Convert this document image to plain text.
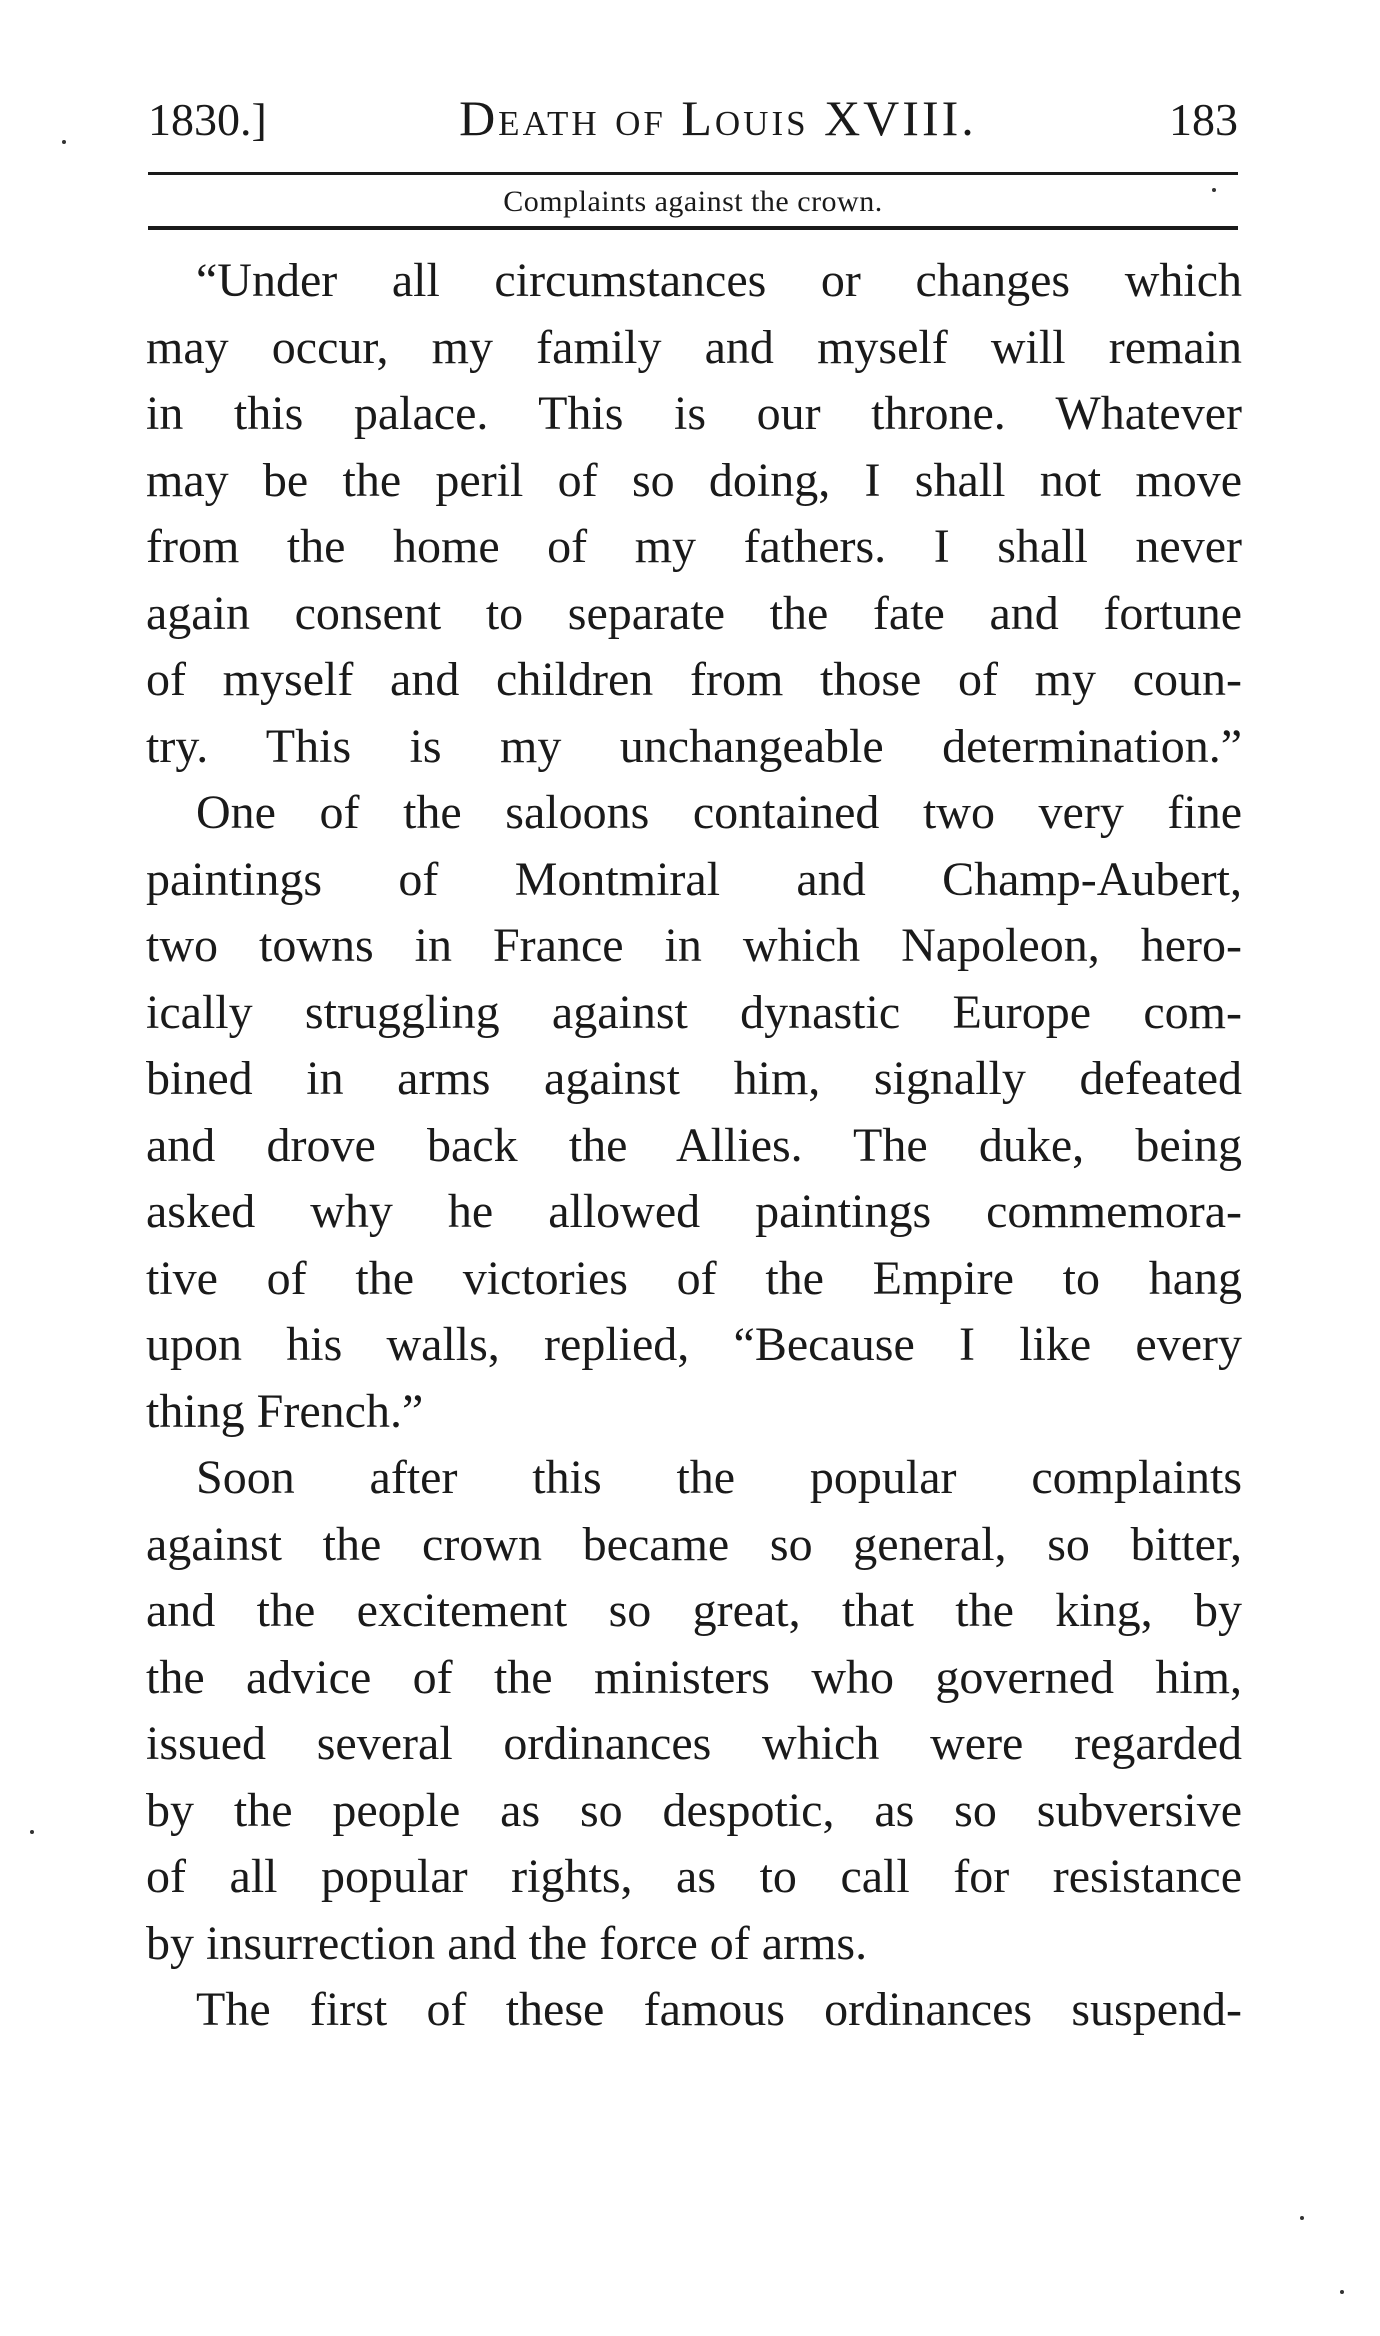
1830.]	Death of Louis XVIII.	183
Complaints against the crown.
“Under all circumstances or changes which
may occur, my family and myself will remain
in this palace. This is our throne. Whatever
may be the peril of so doing, I shall not move
from the home of my fathers. I shall never
again consent to separate the fate and fortune
of myself and children from those of my coun-
try. This is my unchangeable determination.”
One of the saloons contained two very fine
paintings of Montmiral and Champ-Aubert,
two towns in France in which Napoleon, hero-
ically struggling against dynastic Europe com-
bined in arms against him, signally defeated
and drove back the Allies. The duke, being
asked why he allowed paintings commemora-
tive of the victories of the Empire to hang
upon his walls, replied, “Because I like every
thing French.”
Soon after this the popular complaints
against the crown became so general, so bitter,
and the excitement so great, that the king, by
the advice of the ministers who governed him,
issued several ordinances which were regarded
by the people as so despotic, as so subversive
of all popular rights, as to call for resistance
by insurrection and the force of arms.
The first of these famous ordinances suspend-
